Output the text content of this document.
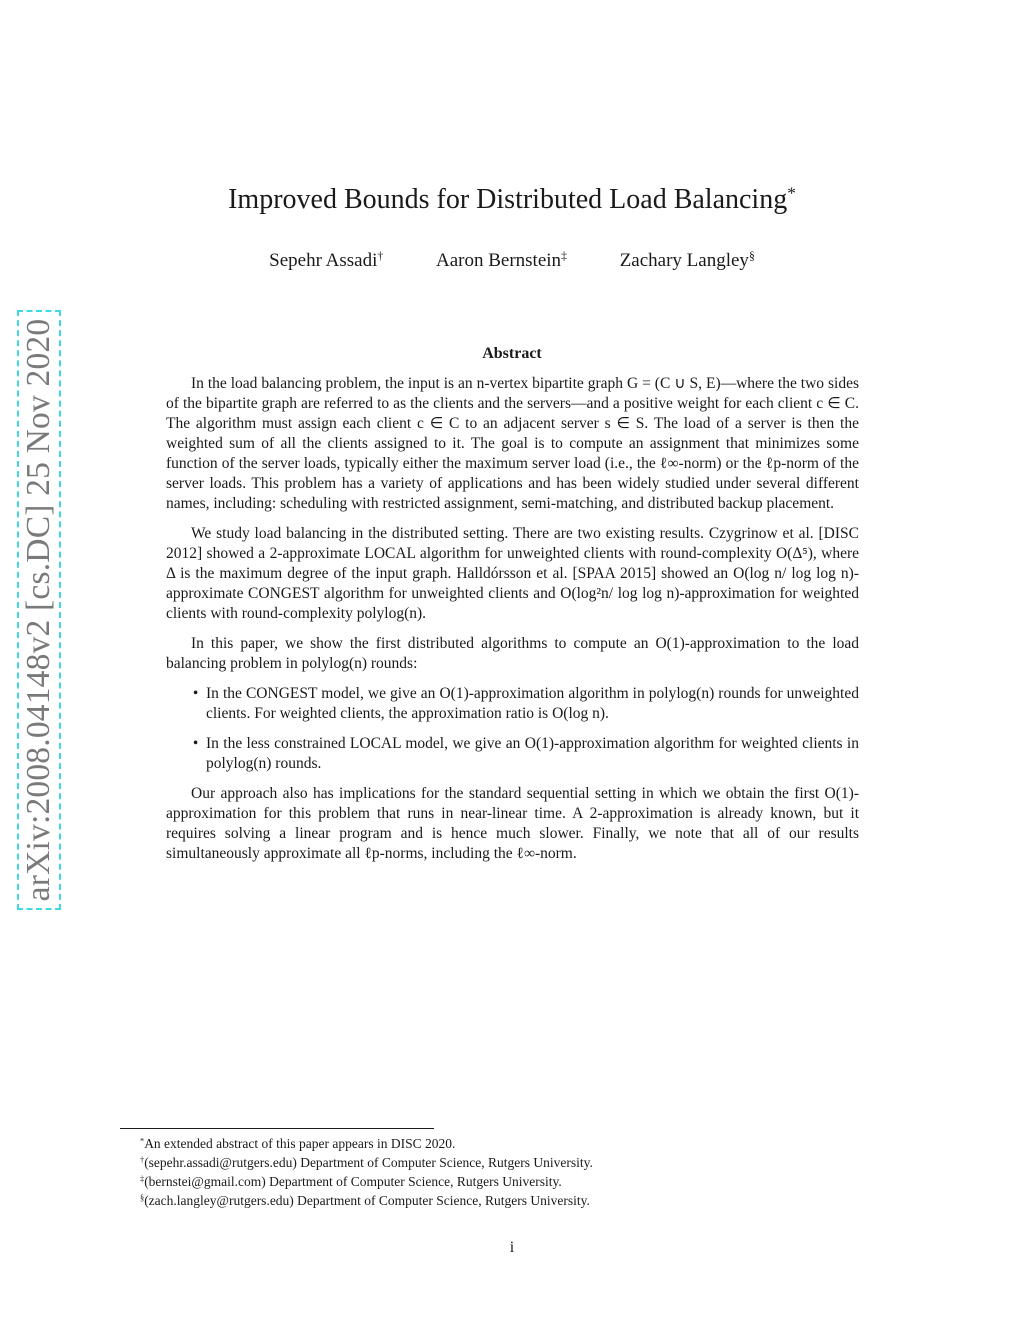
arXiv:2008.04148v2 [cs.DC] 25 Nov 2020
Improved Bounds for Distributed Load Balancing*
Sepehr Assadi†	Aaron Bernstein‡	Zachary Langley§
Abstract

In the load balancing problem, the input is an n-vertex bipartite graph G = (C ∪ S, E)—where the two sides of the bipartite graph are referred to as the clients and the servers—and a positive weight for each client c ∈ C. The algorithm must assign each client c ∈ C to an adjacent server s ∈ S. The load of a server is then the weighted sum of all the clients assigned to it. The goal is to compute an assignment that minimizes some function of the server loads, typically either the maximum server load (i.e., the ℓ∞-norm) or the ℓp-norm of the server loads. This problem has a variety of applications and has been widely studied under several different names, including: scheduling with restricted assignment, semi-matching, and distributed backup placement.

We study load balancing in the distributed setting. There are two existing results. Czygrinow et al. [DISC 2012] showed a 2-approximate LOCAL algorithm for unweighted clients with round-complexity O(Δ⁵), where Δ is the maximum degree of the input graph. Halldórsson et al. [SPAA 2015] showed an O(log n/ log log n)-approximate CONGEST algorithm for unweighted clients and O(log²n/ log log n)-approximation for weighted clients with round-complexity polylog(n).

In this paper, we show the first distributed algorithms to compute an O(1)-approximation to the load balancing problem in polylog(n) rounds:

• In the CONGEST model, we give an O(1)-approximation algorithm in polylog(n) rounds for unweighted clients. For weighted clients, the approximation ratio is O(log n).
• In the less constrained LOCAL model, we give an O(1)-approximation algorithm for weighted clients in polylog(n) rounds.

Our approach also has implications for the standard sequential setting in which we obtain the first O(1)-approximation for this problem that runs in near-linear time. A 2-approximation is already known, but it requires solving a linear program and is hence much slower. Finally, we note that all of our results simultaneously approximate all ℓp-norms, including the ℓ∞-norm.

*An extended abstract of this paper appears in DISC 2020.
†(sepehr.assadi@rutgers.edu) Department of Computer Science, Rutgers University.
‡(bernstei@gmail.com) Department of Computer Science, Rutgers University.
§(zach.langley@rutgers.edu) Department of Computer Science, Rutgers University.
i
